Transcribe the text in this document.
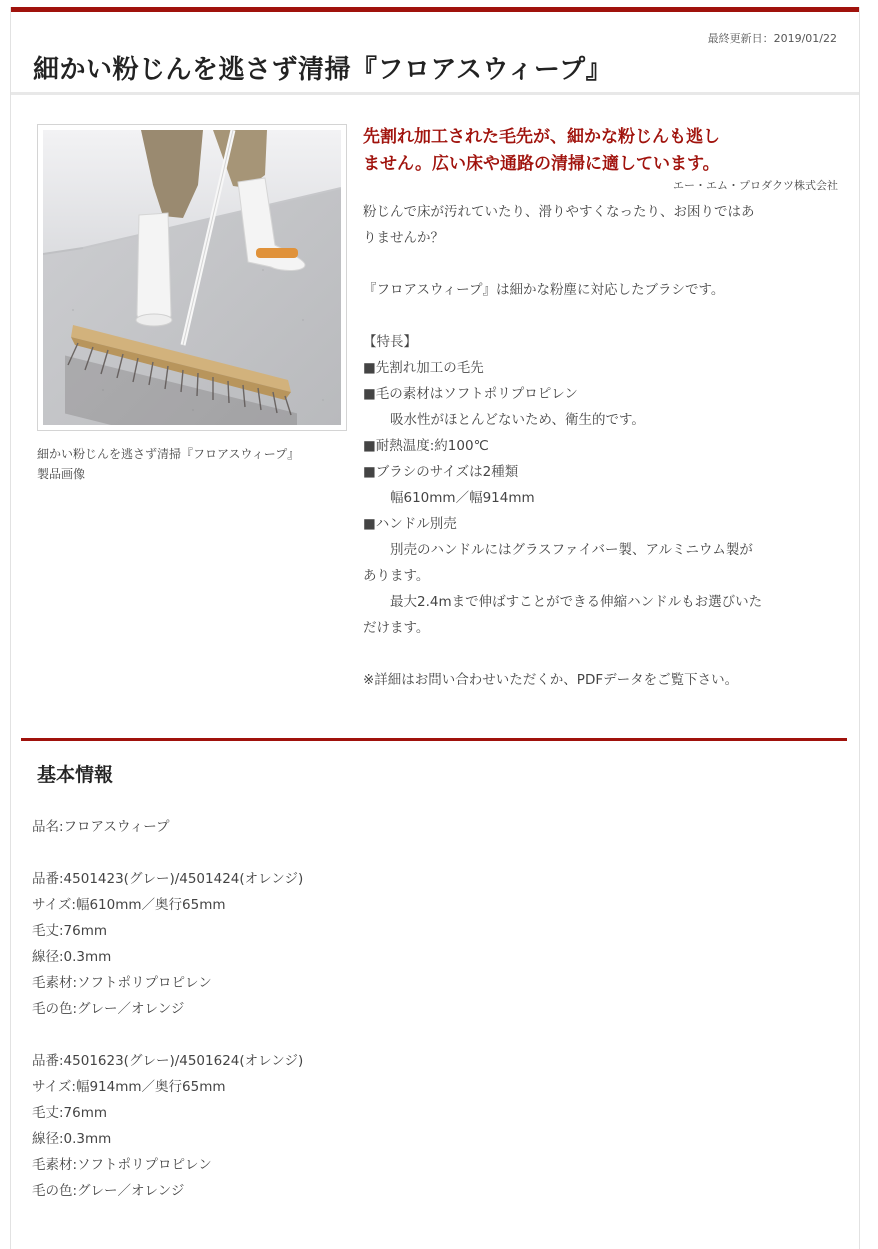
最終更新日：2019/01/22
細かい粉じんを逃さず清掃『フロアスウィープ』
細かい粉じんを逃さず清掃『フロアスウィープ』
製品画像
先割れ加工された毛先が、細かな粉じんも逃し
ません。広い床や通路の清掃に適しています。
エー・エム・プロダクツ株式会社
粉じんで床が汚れていたり、滑りやすくなったり、お困りではあ
りませんか？
『フロアスウィープ』は細かな粉塵に対応したブラシです。
【特長】
■先割れ加工の毛先
■毛の素材はソフトポリプロピレン
吸水性がほとんどないため、衛生的です。
■耐熱温度:約100℃
■ブラシのサイズは2種類
幅610mm／幅914mm
■ハンドル別売
別売のハンドルにはグラスファイバー製、アルミニウム製が
あります。
最大2.4mまで伸ばすことができる伸縮ハンドルもお選びいた
だけます。
※詳細はお問い合わせいただくか、PDFデータをご覧下さい。
基本情報
品名:フロアスウィープ
品番:4501423(グレー)/4501424(オレンジ)
サイズ:幅610mm／奥行65mm
毛丈:76mm
線径:0.3mm
毛素材:ソフトポリプロピレン
毛の色:グレー／オレンジ
品番:4501623(グレー)/4501624(オレンジ)
サイズ:幅914mm／奥行65mm
毛丈:76mm
線径:0.3mm
毛素材:ソフトポリプロピレン
毛の色:グレー／オレンジ
